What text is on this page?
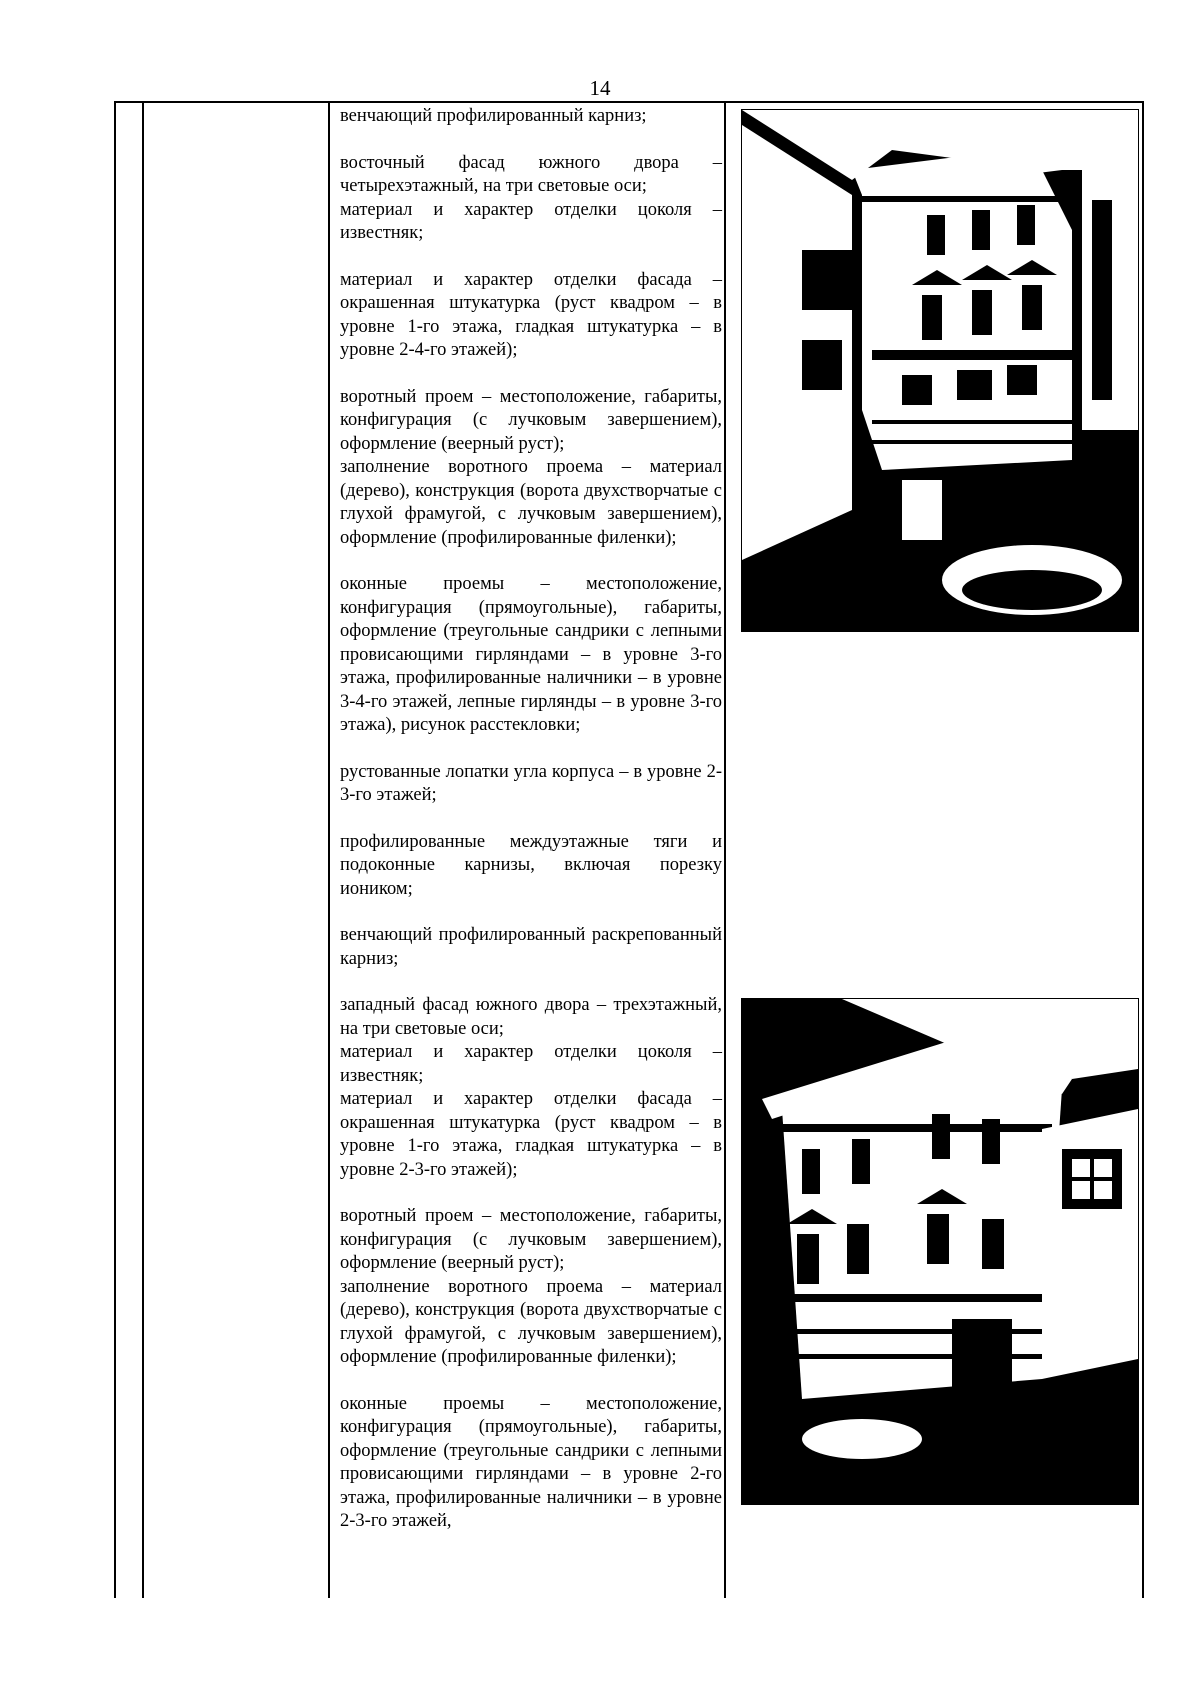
14

венчающий профилированный карниз;

восточный фасад южного двора – четырехэтажный, на три световые оси;

материал и характер отделки цоколя – известняк;

материал и характер отделки фасада – окрашенная штукатурка (руст квадром – в уровне 1-го этажа, гладкая штукатурка – в уровне 2-4-го этажей);

воротный проем – местоположение, габариты, конфигурация (с лучковым завершением), оформление (веерный руст);

заполнение воротного проема – материал (дерево), конструкция (ворота двухстворчатые с глухой фрамугой, с лучковым завершением), оформление (профилированные филенки);

оконные проемы – местоположение, конфигурация (прямоугольные), габариты, оформление (треугольные сандрики с лепными провисающими гирляндами – в уровне 3-го этажа, профилированные наличники – в уровне 3-4-го этажей, лепные гирлянды – в уровне 3-го этажа), рисунок расстекловки;

рустованные лопатки угла корпуса – в уровне 2-3-го этажей;

профилированные междуэтажные тяги и подоконные карнизы, включая порезку иоником;

венчающий профилированный раскрепованный карниз;

западный фасад южного двора – трехэтажный, на три световые оси;

материал и характер отделки цоколя – известняк;

материал и характер отделки фасада – окрашенная штукатурка (руст квадром – в уровне 1-го этажа, гладкая штукатурка – в уровне 2-3-го этажей);

воротный проем – местоположение, габариты, конфигурация (с лучковым завершением), оформление (веерный руст);

заполнение воротного проема – материал (дерево), конструкция (ворота двухстворчатые с глухой фрамугой, с лучковым завершением), оформление (профилированные филенки);

оконные проемы – местоположение, конфигурация (прямоугольные), габариты, оформление (треугольные сандрики с лепными провисающими гирляндами – в уровне 2-го этажа, профилированные наличники – в уровне 2-3-го этажей,
